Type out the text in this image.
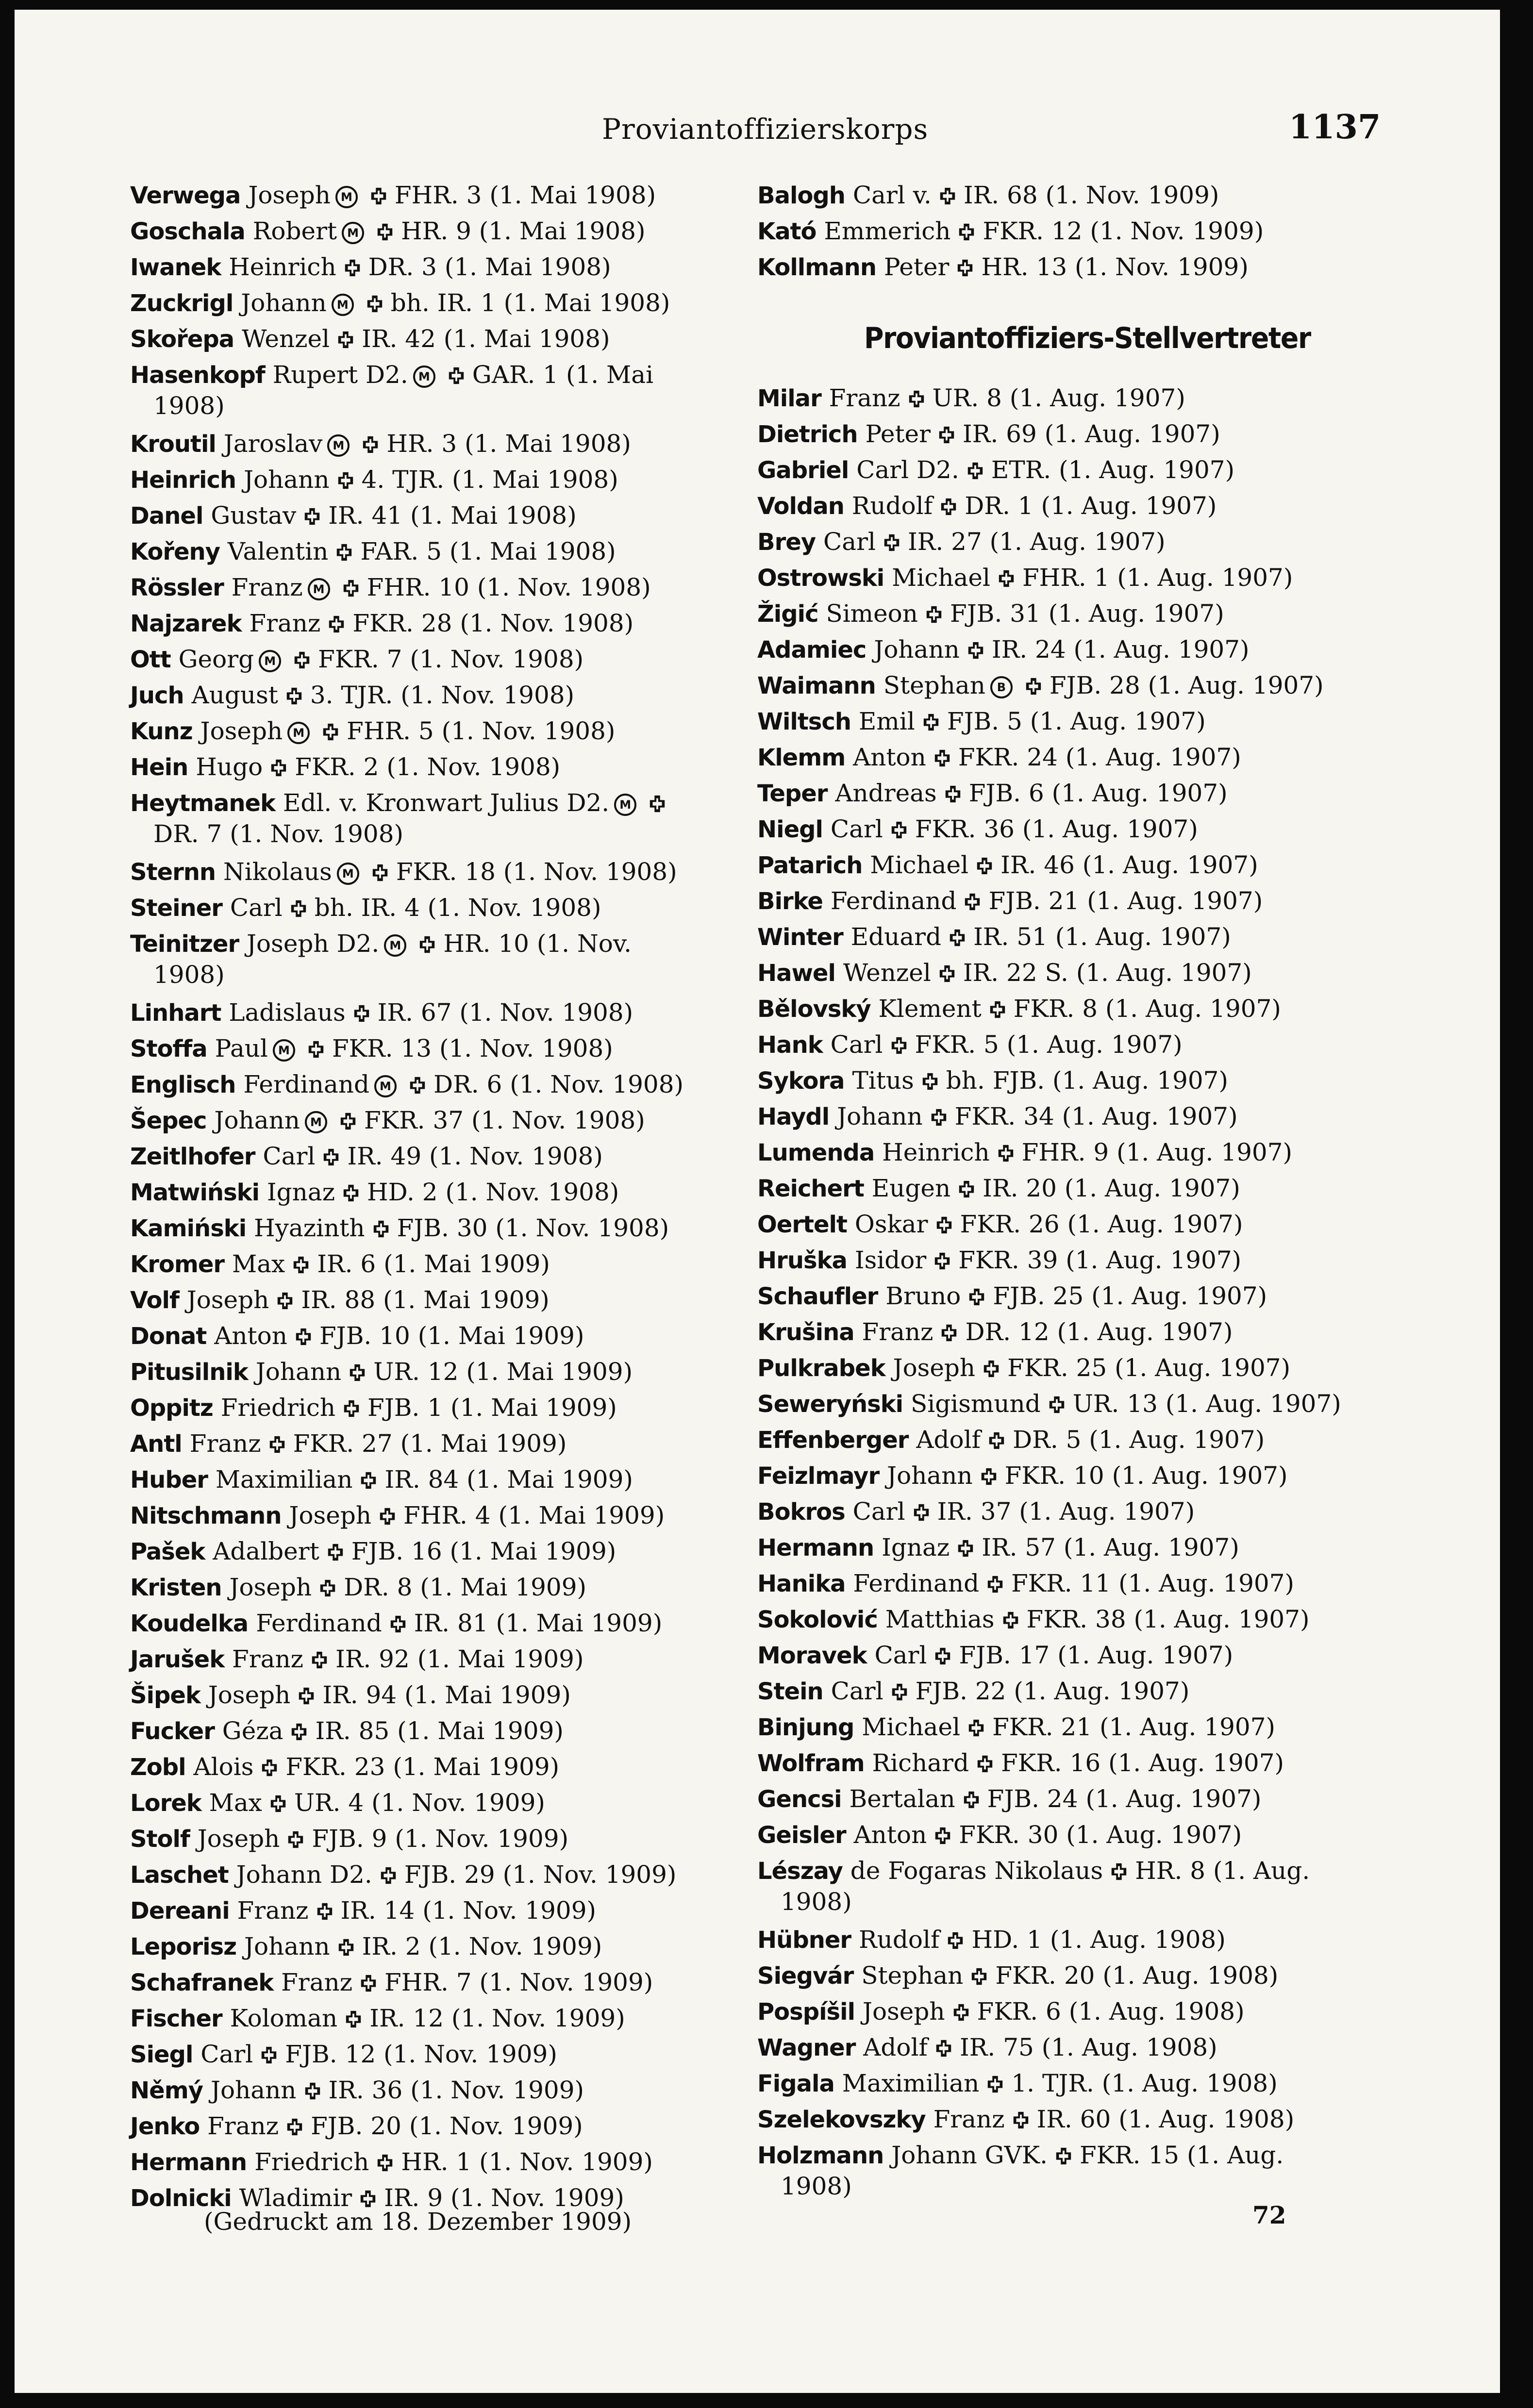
Proviantoffizierskorps	1137
Verwega Joseph M FHR. 3 (1. Mai 1908)
Goschala Robert M HR. 9 (1. Mai 1908)
Iwanek Heinrich DR. 3 (1. Mai 1908)
Zuckrigl Johann M bh. IR. 1 (1. Mai 1908)
Skořepa Wenzel IR. 42 (1. Mai 1908)
Hasenkopf Rupert D2. M GAR. 1 (1. Mai
1908)
Kroutil Jaroslav M HR. 3 (1. Mai 1908)
Heinrich Johann 4. TJR. (1. Mai 1908)
Danel Gustav IR. 41 (1. Mai 1908)
Kořeny Valentin FAR. 5 (1. Mai 1908)
Rössler Franz M FHR. 10 (1. Nov. 1908)
Najzarek Franz FKR. 28 (1. Nov. 1908)
Ott Georg M FKR. 7 (1. Nov. 1908)
Juch August 3. TJR. (1. Nov. 1908)
Kunz Joseph M FHR. 5 (1. Nov. 1908)
Hein Hugo FKR. 2 (1. Nov. 1908)
Heytmanek Edl. v. Kronwart Julius D2. M
DR. 7 (1. Nov. 1908)
Sternn Nikolaus M FKR. 18 (1. Nov. 1908)
Steiner Carl bh. IR. 4 (1. Nov. 1908)
Teinitzer Joseph D2. M HR. 10 (1. Nov.
1908)
Linhart Ladislaus IR. 67 (1. Nov. 1908)
Stoffa Paul M FKR. 13 (1. Nov. 1908)
Englisch Ferdinand M DR. 6 (1. Nov. 1908)
Šepec Johann M FKR. 37 (1. Nov. 1908)
Zeitlhofer Carl IR. 49 (1. Nov. 1908)
Matwiński Ignaz HD. 2 (1. Nov. 1908)
Kamiński Hyazinth FJB. 30 (1. Nov. 1908)
Kromer Max IR. 6 (1. Mai 1909)
Volf Joseph IR. 88 (1. Mai 1909)
Donat Anton FJB. 10 (1. Mai 1909)
Pitusilnik Johann UR. 12 (1. Mai 1909)
Oppitz Friedrich FJB. 1 (1. Mai 1909)
Antl Franz FKR. 27 (1. Mai 1909)
Huber Maximilian IR. 84 (1. Mai 1909)
Nitschmann Joseph FHR. 4 (1. Mai 1909)
Pašek Adalbert FJB. 16 (1. Mai 1909)
Kristen Joseph DR. 8 (1. Mai 1909)
Koudelka Ferdinand IR. 81 (1. Mai 1909)
Jarušek Franz IR. 92 (1. Mai 1909)
Šipek Joseph IR. 94 (1. Mai 1909)
Fucker Géza IR. 85 (1. Mai 1909)
Zobl Alois FKR. 23 (1. Mai 1909)
Lorek Max UR. 4 (1. Nov. 1909)
Stolf Joseph FJB. 9 (1. Nov. 1909)
Laschet Johann D2. FJB. 29 (1. Nov. 1909)
Dereani Franz IR. 14 (1. Nov. 1909)
Leporisz Johann IR. 2 (1. Nov. 1909)
Schafranek Franz FHR. 7 (1. Nov. 1909)
Fischer Koloman IR. 12 (1. Nov. 1909)
Siegl Carl FJB. 12 (1. Nov. 1909)
Němý Johann IR. 36 (1. Nov. 1909)
Jenko Franz FJB. 20 (1. Nov. 1909)
Hermann Friedrich HR. 1 (1. Nov. 1909)
Dolnicki Wladimir IR. 9 (1. Nov. 1909)
Balogh Carl v. IR. 68 (1. Nov. 1909)
Kató Emmerich FKR. 12 (1. Nov. 1909)
Kollmann Peter HR. 13 (1. Nov. 1909)
Proviantoffiziers-Stellvertreter
Milar Franz UR. 8 (1. Aug. 1907)
Dietrich Peter IR. 69 (1. Aug. 1907)
Gabriel Carl D2. ETR. (1. Aug. 1907)
Voldan Rudolf DR. 1 (1. Aug. 1907)
Brey Carl IR. 27 (1. Aug. 1907)
Ostrowski Michael FHR. 1 (1. Aug. 1907)
Žigić Simeon FJB. 31 (1. Aug. 1907)
Adamiec Johann IR. 24 (1. Aug. 1907)
Waimann Stephan B FJB. 28 (1. Aug. 1907)
Wiltsch Emil FJB. 5 (1. Aug. 1907)
Klemm Anton FKR. 24 (1. Aug. 1907)
Teper Andreas FJB. 6 (1. Aug. 1907)
Niegl Carl FKR. 36 (1. Aug. 1907)
Patarich Michael IR. 46 (1. Aug. 1907)
Birke Ferdinand FJB. 21 (1. Aug. 1907)
Winter Eduard IR. 51 (1. Aug. 1907)
Hawel Wenzel IR. 22 S. (1. Aug. 1907)
Bělovský Klement FKR. 8 (1. Aug. 1907)
Hank Carl FKR. 5 (1. Aug. 1907)
Sykora Titus bh. FJB. (1. Aug. 1907)
Haydl Johann FKR. 34 (1. Aug. 1907)
Lumenda Heinrich FHR. 9 (1. Aug. 1907)
Reichert Eugen IR. 20 (1. Aug. 1907)
Oertelt Oskar FKR. 26 (1. Aug. 1907)
Hruška Isidor FKR. 39 (1. Aug. 1907)
Schaufler Bruno FJB. 25 (1. Aug. 1907)
Krušina Franz DR. 12 (1. Aug. 1907)
Pulkrabek Joseph FKR. 25 (1. Aug. 1907)
Seweryński Sigismund UR. 13 (1. Aug. 1907)
Effenberger Adolf DR. 5 (1. Aug. 1907)
Feizlmayr Johann FKR. 10 (1. Aug. 1907)
Bokros Carl IR. 37 (1. Aug. 1907)
Hermann Ignaz IR. 57 (1. Aug. 1907)
Hanika Ferdinand FKR. 11 (1. Aug. 1907)
Sokolović Matthias FKR. 38 (1. Aug. 1907)
Moravek Carl FJB. 17 (1. Aug. 1907)
Stein Carl FJB. 22 (1. Aug. 1907)
Binjung Michael FKR. 21 (1. Aug. 1907)
Wolfram Richard FKR. 16 (1. Aug. 1907)
Gencsi Bertalan FJB. 24 (1. Aug. 1907)
Geisler Anton FKR. 30 (1. Aug. 1907)
Lészay de Fogaras Nikolaus HR. 8 (1. Aug.
1908)
Hübner Rudolf HD. 1 (1. Aug. 1908)
Siegvár Stephan FKR. 20 (1. Aug. 1908)
Pospíšil Joseph FKR. 6 (1. Aug. 1908)
Wagner Adolf IR. 75 (1. Aug. 1908)
Figala Maximilian 1. TJR. (1. Aug. 1908)
Szelekovszky Franz IR. 60 (1. Aug. 1908)
Holzmann Johann GVK. FKR. 15 (1. Aug.
1908)
(Gedruckt am 18. Dezember 1909)	72
